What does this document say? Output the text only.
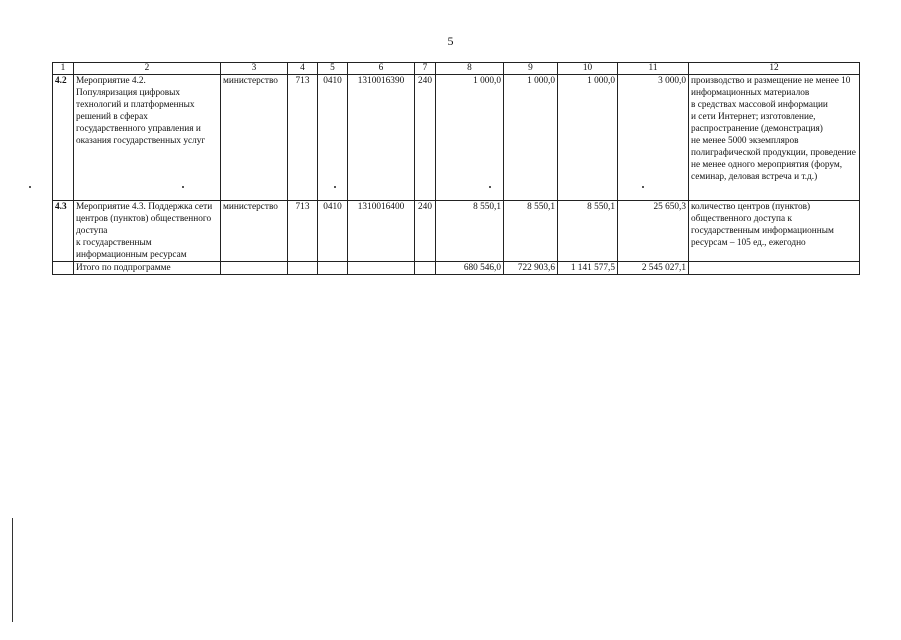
5
1	2	3	4	5	6	7	8	9	10	11	12
4.2	Мероприятие 4.2.
Популяризация цифровых технологий и платформенных решений в сферах государственного управления и оказания государственных услуг	министерство	713	0410	1310016390	240	1 000,0	1 000,0	1 000,0	3 000,0	производство и размещение не менее 10 информационных материалов
в средствах массовой информации
и сети Интернет; изготовление, распространение (демонстрация)
не менее 5000 экземпляров полиграфической продукции, проведение не менее одного мероприятия (форум, семинар, деловая встреча и т.д.)
4.3	Мероприятие 4.3. Поддержка сети центров (пунктов) общественного доступа
к государственным информационным ресурсам	министерство	713	0410	1310016400	240	8 550,1	8 550,1	8 550,1	25 650,3	количество центров (пунктов) общественного доступа к государственным информационным ресурсам – 105 ед., ежегодно
	Итого по подпрограмме						680 546,0	722 903,6	1 141 577,5	2 545 027,1	
